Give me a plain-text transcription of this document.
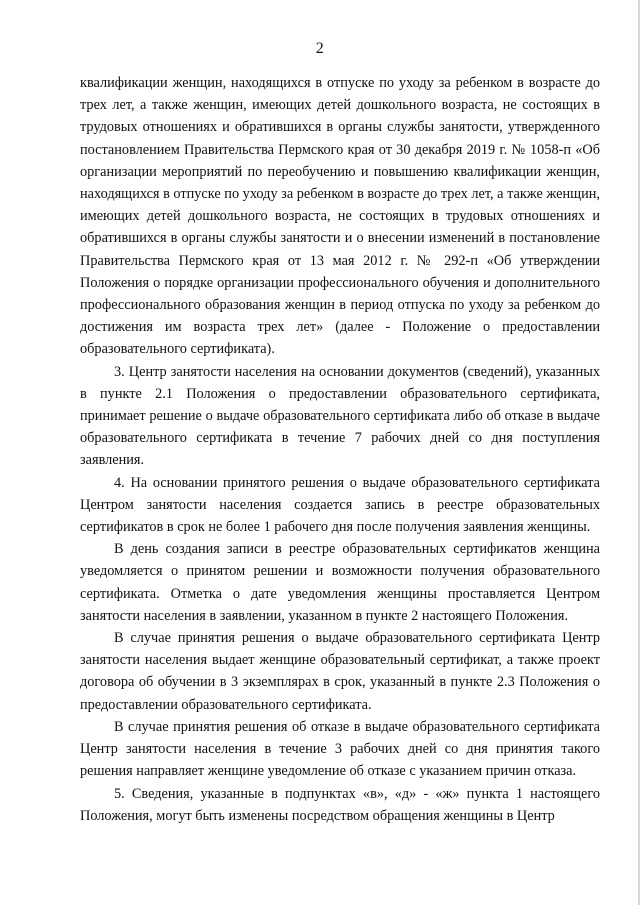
2

квалификации женщин, находящихся в отпуске по уходу за ребенком в возрасте до трех лет, а также женщин, имеющих детей дошкольного возраста, не состоящих в трудовых отношениях и обратившихся в органы службы занятости, утвержденного постановлением Правительства Пермского края от 30 декабря 2019 г. № 1058-п «Об организации мероприятий по переобучению и повышению квалификации женщин, находящихся в отпуске по уходу за ребенком в возрасте до трех лет, а также женщин, имеющих детей дошкольного возраста, не состоящих в трудовых отношениях и обратившихся в органы службы занятости и о внесении изменений в постановление Правительства Пермского края от 13 мая 2012 г. № 292-п «Об утверждении Положения о порядке организации профессионального обучения и дополнительного профессионального образования женщин в период отпуска по уходу за ребенком до достижения им возраста трех лет» (далее - Положение о предоставлении образовательного сертификата).

3. Центр занятости населения на основании документов (сведений), указанных в пункте 2.1 Положения о предоставлении образовательного сертификата, принимает решение о выдаче образовательного сертификата либо об отказе в выдаче образовательного сертификата в течение 7 рабочих дней со дня поступления заявления.

4. На основании принятого решения о выдаче образовательного сертификата Центром занятости населения создается запись в реестре образовательных сертификатов в срок не более 1 рабочего дня после получения заявления женщины.

В день создания записи в реестре образовательных сертификатов женщина уведомляется о принятом решении и возможности получения образовательного сертификата. Отметка о дате уведомления женщины проставляется Центром занятости населения в заявлении, указанном в пункте 2 настоящего Положения.

В случае принятия решения о выдаче образовательного сертификата Центр занятости населения выдает женщине образовательный сертификат, а также проект договора об обучении в 3 экземплярах в срок, указанный в пункте 2.3 Положения о предоставлении образовательного сертификата.

В случае принятия решения об отказе в выдаче образовательного сертификата Центр занятости населения в течение 3 рабочих дней со дня принятия такого решения направляет женщине уведомление об отказе с указанием причин отказа.

5. Сведения, указанные в подпунктах «в», «д» - «ж» пункта 1 настоящего Положения, могут быть изменены посредством обращения женщины в Центр
